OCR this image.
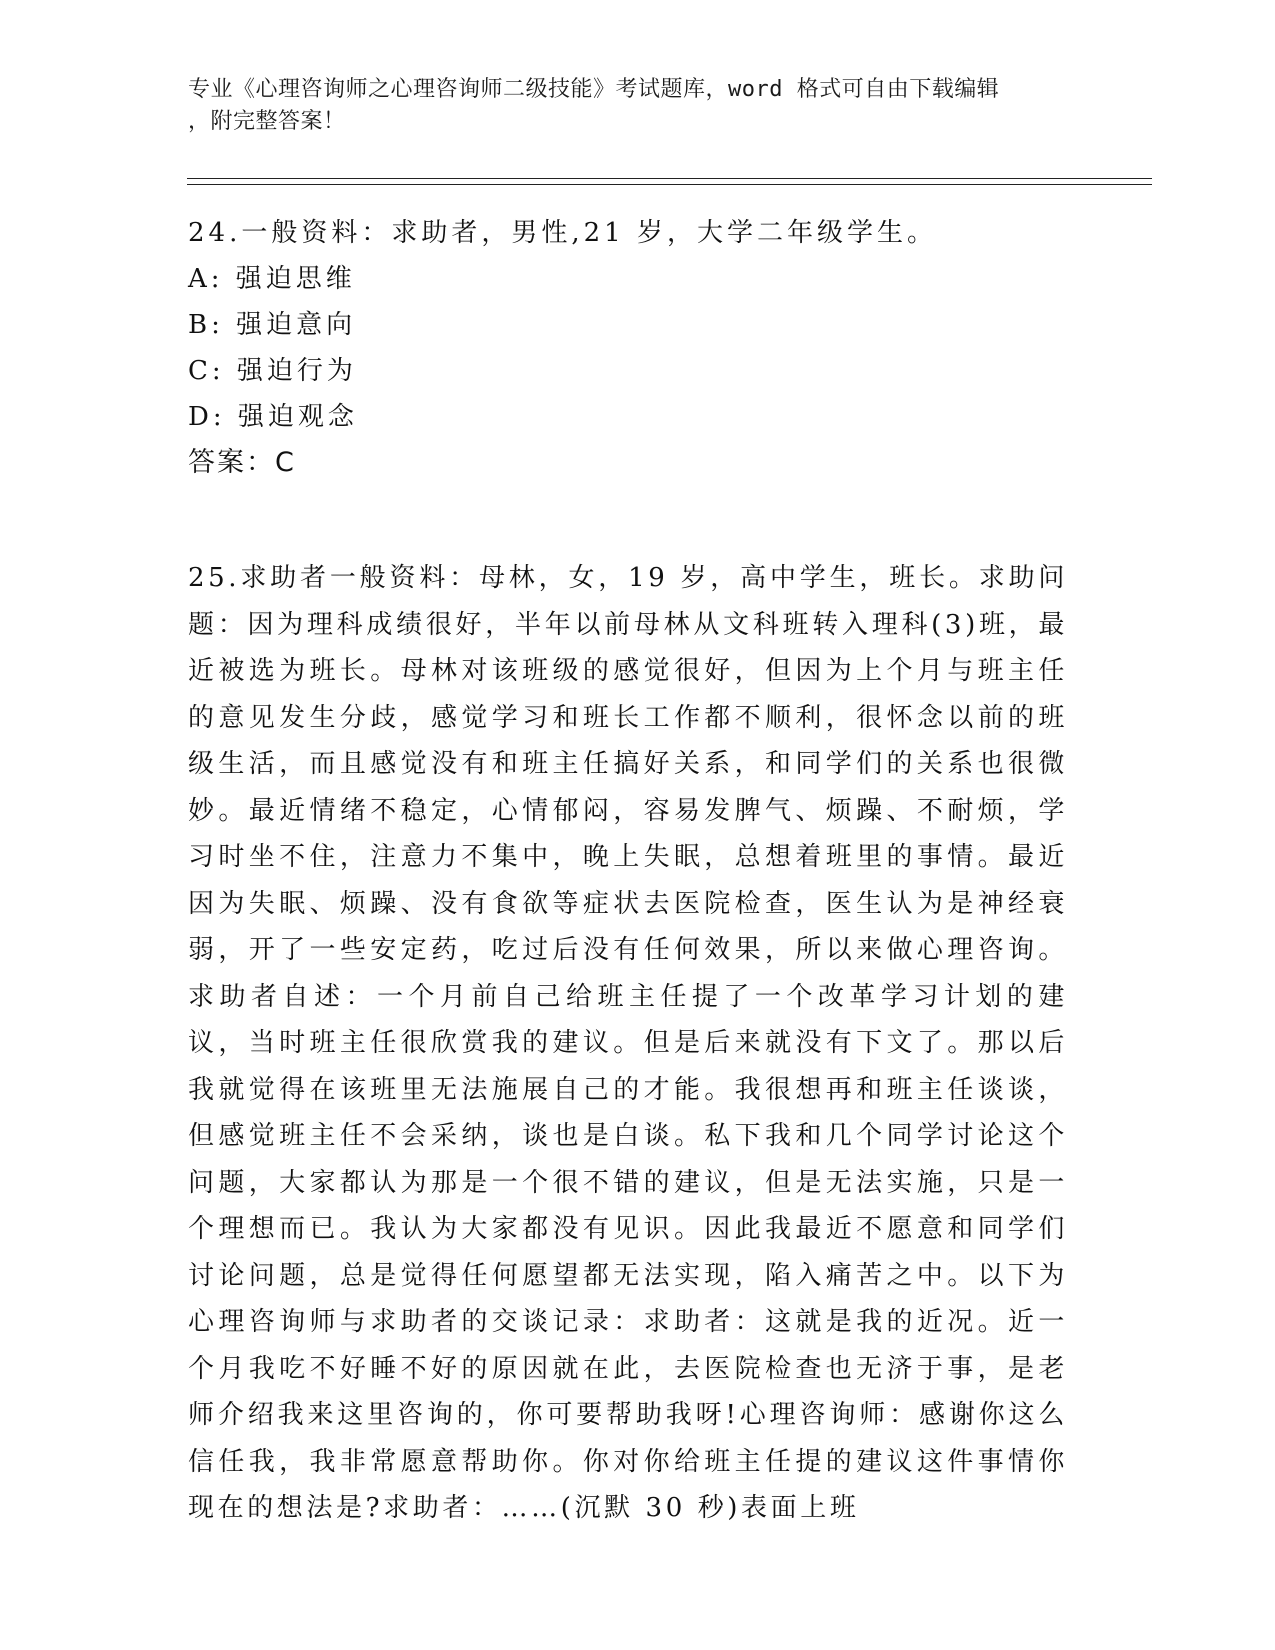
专业《心理咨询师之心理咨询师二级技能》考试题库，word 格式可自由下载编辑
，附完整答案！
24.一般资料：求助者，男性,21 岁，大学二年级学生。
A: 强迫思维
B: 强迫意向
C: 强迫行为
D: 强迫观念
答案：C
25.求助者一般资料：母林，女，19 岁，高中学生，班长。求助问题：因为理科成绩很好，半年以前母林从文科班转入理科(3)班，最近被选为班长。母林对该班级的感觉很好，但因为上个月与班主任的意见发生分歧，感觉学习和班长工作都不顺利，很怀念以前的班级生活，而且感觉没有和班主任搞好关系，和同学们的关系也很微妙。最近情绪不稳定，心情郁闷，容易发脾气、烦躁、不耐烦，学习时坐不住，注意力不集中，晚上失眠，总想着班里的事情。最近因为失眠、烦躁、没有食欲等症状去医院检查，医生认为是神经衰弱，开了一些安定药，吃过后没有任何效果，所以来做心理咨询。求助者自述：一个月前自己给班主任提了一个改革学习计划的建议，当时班主任很欣赏我的建议。但是后来就没有下文了。那以后我就觉得在该班里无法施展自己的才能。我很想再和班主任谈谈，但感觉班主任不会采纳，谈也是白谈。私下我和几个同学讨论这个问题，大家都认为那是一个很不错的建议，但是无法实施，只是一个理想而已。我认为大家都没有见识。因此我最近不愿意和同学们讨论问题，总是觉得任何愿望都无法实现，陷入痛苦之中。以下为心理咨询师与求助者的交谈记录：求助者：这就是我的近况。近一个月我吃不好睡不好的原因就在此，去医院检查也无济于事，是老师介绍我来这里咨询的，你可要帮助我呀!心理咨询师：感谢你这么信任我，我非常愿意帮助你。你对你给班主任提的建议这件事情你现在的想法是?求助者：……(沉默 30 秒)表面上班
